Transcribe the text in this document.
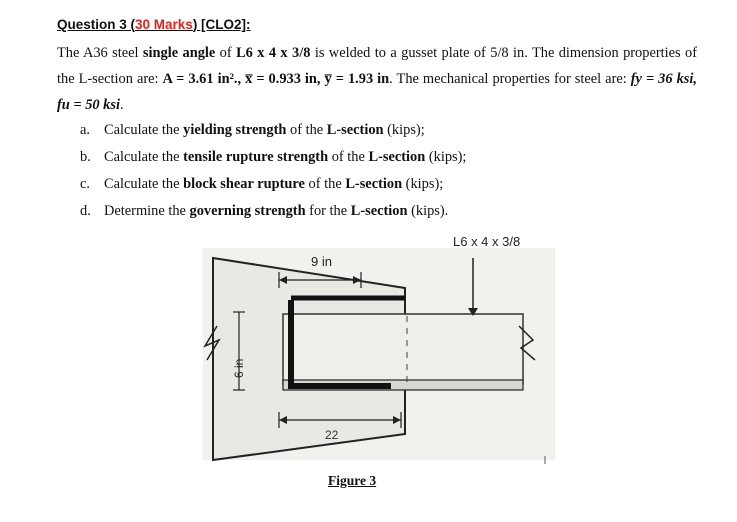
Question 3 (30 Marks) [CLO2]:
The A36 steel single angle of L6 x 4 x 3/8 is welded to a gusset plate of 5/8 in. The dimension properties of the L-section are: A = 3.61 in²., x̅ = 0.933 in, y̅ = 1.93 in. The mechanical properties for steel are: fy = 36 ksi, fu = 50 ksi.
a. Calculate the yielding strength of the L-section (kips);
b. Calculate the tensile rupture strength of the L-section (kips);
c. Calculate the block shear rupture of the L-section (kips);
d. Determine the governing strength for the L-section (kips).
L6 x 4 x 3/8
9 in
22
6 in
Figure 3
